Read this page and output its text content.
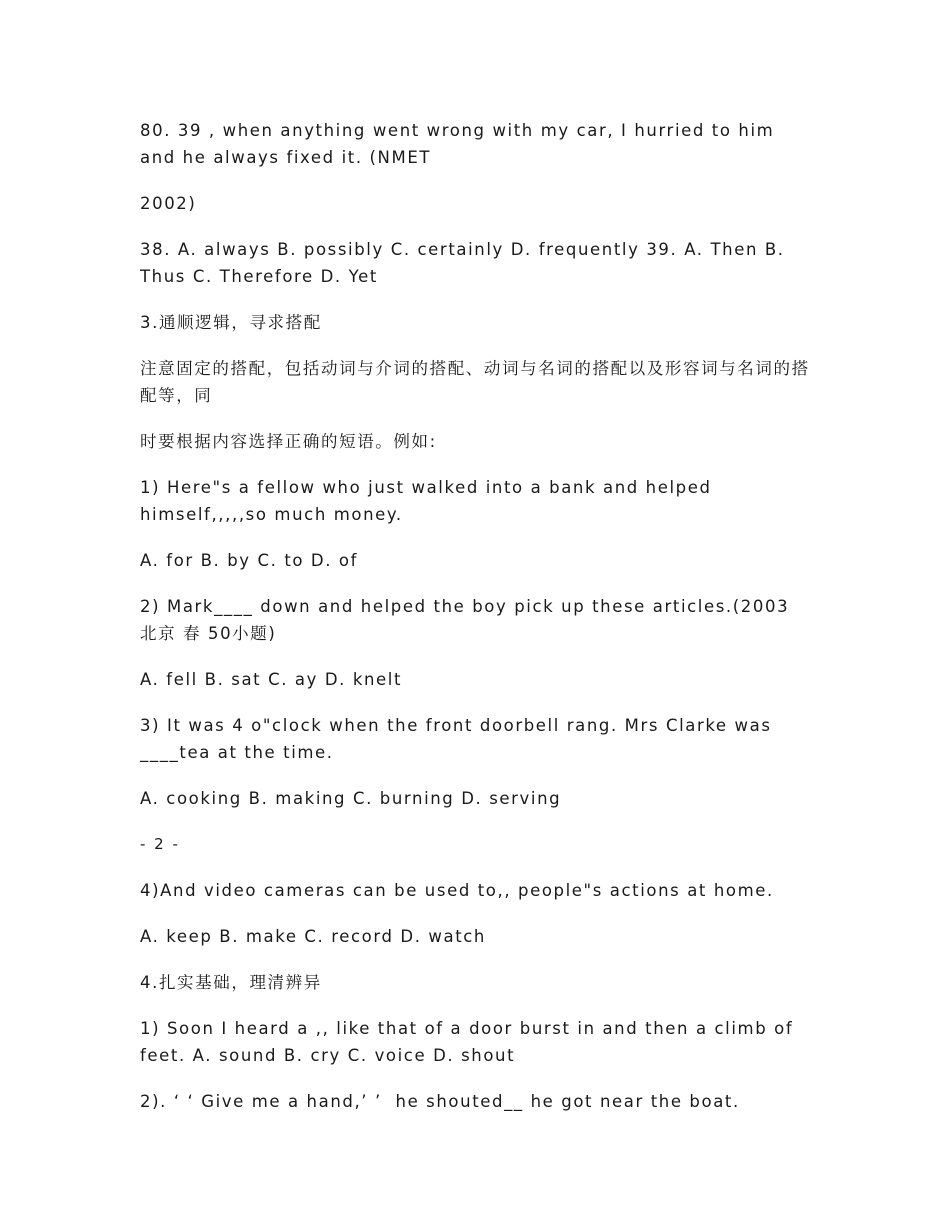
80. 39 , when anything went wrong with my car, I hurried to him and he always fixed it. (NMET

2002)

38. A. always B. possibly C. certainly D. frequently 39. A. Then B. Thus C. Therefore D. Yet

3.通顺逻辑，寻求搭配

注意固定的搭配，包括动词与介词的搭配、动词与名词的搭配以及形容词与名词的搭配等，同

时要根据内容选择正确的短语。例如:

1) Here"s a fellow who just walked into a bank and helped himself,,,,,so much money.

A. for B. by C. to D. of

2) Mark____ down and helped the boy pick up these articles.(2003 北京 春 50小题)

A. fell B. sat C. ay D. knelt

3) It was 4 o"clock when the front doorbell rang. Mrs Clarke was ____tea at the time.

A. cooking B. making C. burning D. serving

- 2 -

4)And video cameras can be used to,, people"s actions at home.

A. keep B. make C. record D. watch

4.扎实基础，理清辨异

1) Soon I heard a ,, like that of a door burst in and then a climb of feet. A. sound B. cry C. voice D. shout

2). ‘ ‘ Give me a hand,’ ’  he shouted__ he got near the boat.
